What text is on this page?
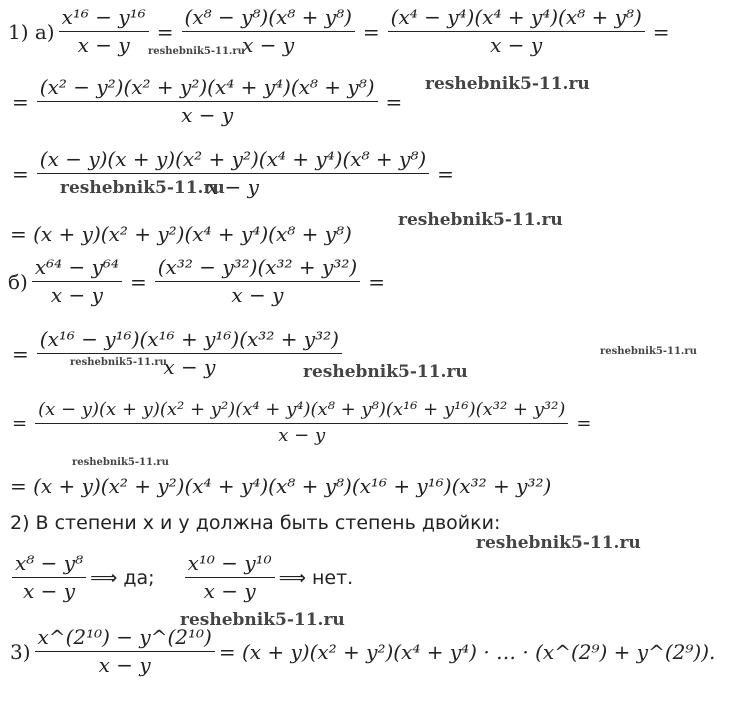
1) $а) \frac{\text{x¹⁶ − y¹⁶}}{x - y} = \frac{\text{(x⁸ − y⁸)(x⁸ + y⁸)}}{x - y} = \frac{\text{(x⁴ − y⁴)(x⁴ + y⁴)(x⁸ + y⁸)}}{x - y}$ =
= $\frac{\text{(x² − y²)(x² + y²)(x⁴ + y⁴)(x⁸ + y⁸)}}{x - y}$ =
= $\frac{\text{(x − y)(x + y)(x² + y²)(x⁴ + y⁴)(x⁸ + y⁸)}}{x - y}$ =
= (x + y)(x² + y²)(x⁴ + y⁴)(x⁸ + y⁸)
$б) \frac{\text{x⁶⁴ − y⁶⁴}}{x - y} = \frac{\text{(x³² − y³²)(x³² + y³²)}}{x - y}$ =
= $\frac{\text{(x¹⁶ − y¹⁶)(x¹⁶ + y¹⁶)(x³² + y³²)}}{x - y}$
=
(x − y)(x + y)(x² + y²)(x⁴ + y⁴)(x⁸ + y⁸)(x¹⁶ + y¹⁶)(x³² + y³²)
x − y
=
= (x + y)(x² + y²)(x⁴ + y⁴)(x⁸ + y⁸)(x¹⁶ + y¹⁶)(x³² + y³²)
2) В степени x и y должна быть степень двойки:
$\frac{\text{x⁸ − y⁸}}{x - y}$ ⟹ да; $\frac{\text{x¹⁰ − y¹⁰}}{x - y}$ ⟹ нет.
$3) \frac{\text{x\textasciicircum{}(2¹⁰) − y\textasciicircum{}(2¹⁰)}}{x - y} = (x + y)(x^2 + y^2)(x^4 + y^4)$ · … · (x^(2⁹) + y^(2⁹)).
reshebnik5-11.ru
reshebnik5-11.ru
reshebnik5-11.ru
reshebnik5-11.ru
reshebnik5-11.ru
reshebnik5-11.ru
reshebnik5-11.ru
reshebnik5-11.ru
reshebnik5-11.ru
reshebnik5-11.ru
